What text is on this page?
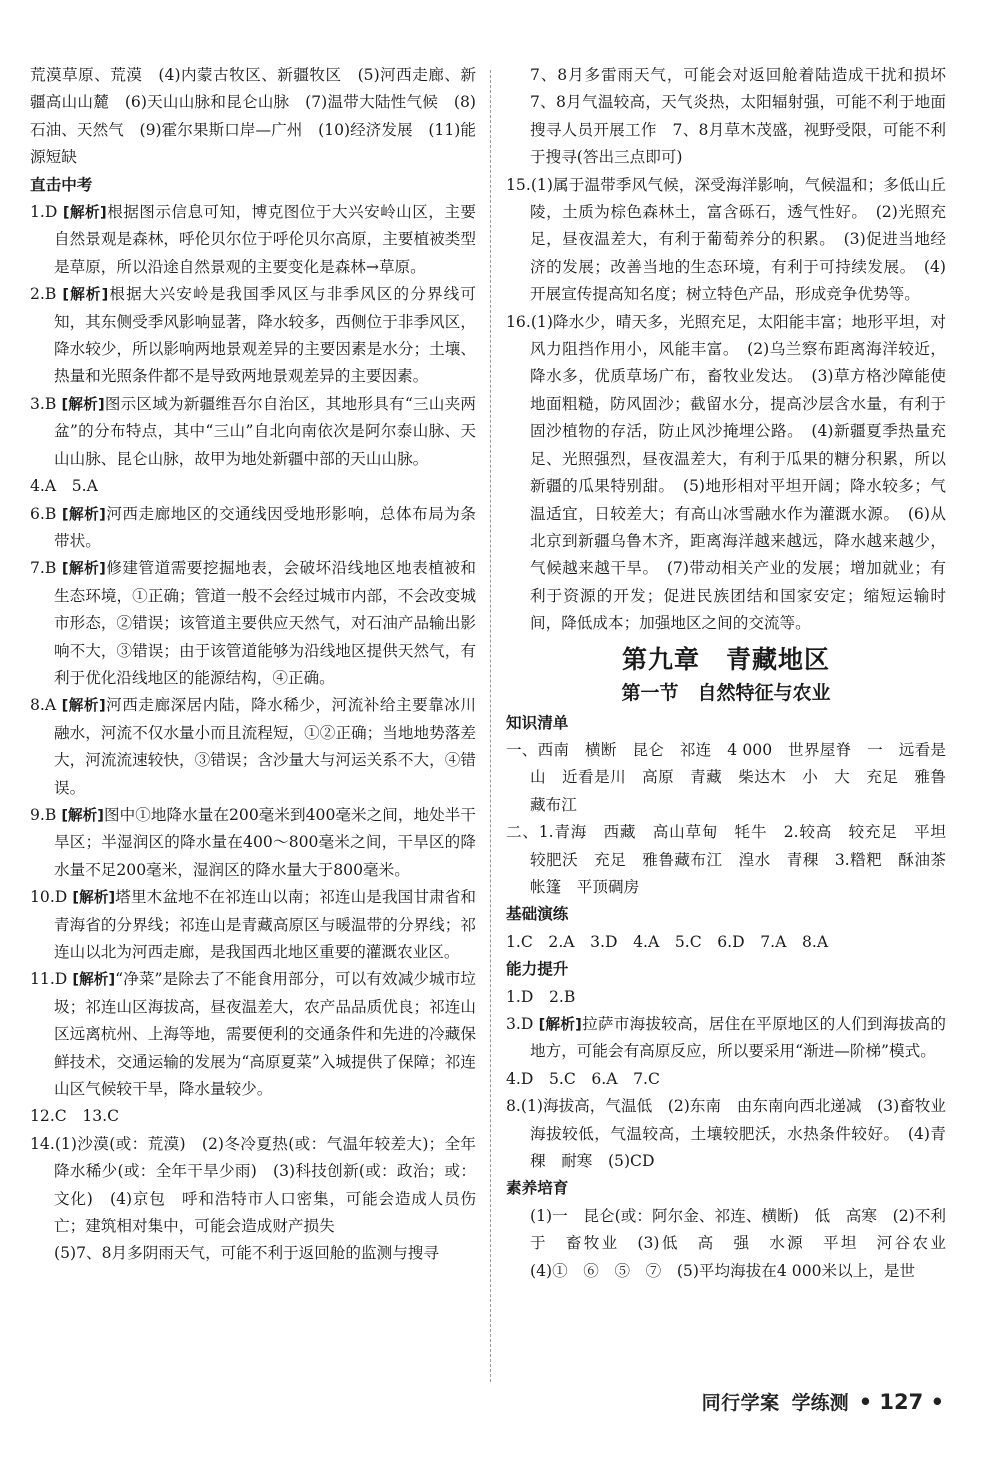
荒漠草原、荒漠　(4)内蒙古牧区、新疆牧区　(5)河西走廊、新疆高山山麓　(6)天山山脉和昆仑山脉　(7)温带大陆性气候　(8)石油、天然气　(9)霍尔果斯口岸—广州　(10)经济发展　(11)能源短缺

直击中考

1.D [解析]根据图示信息可知，博克图位于大兴安岭山区，主要自然景观是森林，呼伦贝尔位于呼伦贝尔高原，主要植被类型是草原，所以沿途自然景观的主要变化是森林→草原。

2.B [解析]根据大兴安岭是我国季风区与非季风区的分界线可知，其东侧受季风影响显著，降水较多，西侧位于非季风区，降水较少，所以影响两地景观差异的主要因素是水分；土壤、热量和光照条件都不是导致两地景观差异的主要因素。

3.B [解析]图示区域为新疆维吾尔自治区，其地形具有“三山夹两盆”的分布特点，其中“三山”自北向南依次是阿尔泰山脉、天山山脉、昆仑山脉，故甲为地处新疆中部的天山山脉。

4.A　5.A

6.B [解析]河西走廊地区的交通线因受地形影响，总体布局为条带状。

7.B [解析]修建管道需要挖掘地表，会破坏沿线地区地表植被和生态环境，①正确；管道一般不会经过城市内部，不会改变城市形态，②错误；该管道主要供应天然气，对石油产品输出影响不大，③错误；由于该管道能够为沿线地区提供天然气，有利于优化沿线地区的能源结构，④正确。

8.A [解析]河西走廊深居内陆，降水稀少，河流补给主要靠冰川融水，河流不仅水量小而且流程短，①②正确；当地地势落差大，河流流速较快，③错误；含沙量大与河运关系不大，④错误。

9.B [解析]图中①地降水量在200毫米到400毫米之间，地处半干旱区；半湿润区的降水量在400～800毫米之间，干旱区的降水量不足200毫米，湿润区的降水量大于800毫米。

10.D [解析]塔里木盆地不在祁连山以南；祁连山是我国甘肃省和青海省的分界线；祁连山是青藏高原区与暖温带的分界线；祁连山以北为河西走廊，是我国西北地区重要的灌溉农业区。

11.D [解析]“净菜”是除去了不能食用部分，可以有效减少城市垃圾；祁连山区海拔高，昼夜温差大，农产品品质优良；祁连山区远离杭州、上海等地，需要便利的交通条件和先进的冷藏保鲜技术，交通运输的发展为“高原夏菜”入城提供了保障；祁连山区气候较干旱，降水量较少。

12.C　13.C

14.(1)沙漠(或：荒漠)　(2)冬冷夏热(或：气温年较差大)；全年降水稀少(或：全年干旱少雨)　(3)科技创新(或：政治；或：文化)　(4)京包　呼和浩特市人口密集，可能会造成人员伤亡；建筑相对集中，可能会造成财产损失

(5)7、8月多阴雨天气，可能不利于返回舱的监测与搜寻

7、8月多雷雨天气，可能会对返回舱着陆造成干扰和损坏　7、8月气温较高，天气炎热，太阳辐射强，可能不利于地面搜寻人员开展工作　7、8月草木茂盛，视野受限，可能不利于搜寻(答出三点即可)

15.(1)属于温带季风气候，深受海洋影响，气候温和；多低山丘陵，土质为棕色森林土，富含砾石，透气性好。　(2)光照充足，昼夜温差大，有利于葡萄养分的积累。　(3)促进当地经济的发展；改善当地的生态环境，有利于可持续发展。　(4)开展宣传提高知名度；树立特色产品，形成竞争优势等。

16.(1)降水少，晴天多，光照充足，太阳能丰富；地形平坦，对风力阻挡作用小，风能丰富。　(2)乌兰察布距离海洋较近，降水多，优质草场广布，畜牧业发达。　(3)草方格沙障能使地面粗糙，防风固沙；截留水分，提高沙层含水量，有利于固沙植物的存活，防止风沙掩埋公路。　(4)新疆夏季热量充足、光照强烈，昼夜温差大，有利于瓜果的糖分积累，所以新疆的瓜果特别甜。　(5)地形相对平坦开阔；降水较多；气温适宜，日较差大；有高山冰雪融水作为灌溉水源。　(6)从北京到新疆乌鲁木齐，距离海洋越来越远，降水越来越少，气候越来越干旱。　(7)带动相关产业的发展；增加就业；有利于资源的开发；促进民族团结和国家安定；缩短运输时间，降低成本；加强地区之间的交流等。

第九章　青藏地区
第一节　自然特征与农业
知识清单

一、西南　横断　昆仑　祁连　4 000　世界屋脊　一　远看是山　近看是川　高原　青藏　柴达木　小　大　充足　雅鲁藏布江

二、1.青海　西藏　高山草甸　牦牛　2.较高　较充足　平坦　较肥沃　充足　雅鲁藏布江　湟水　青稞　3.糌粑　酥油茶　帐篷　平顶碉房

基础演练

1.C　2.A　3.D　4.A　5.C　6.D　7.A　8.A

能力提升

1.D　2.B

3.D [解析]拉萨市海拔较高，居住在平原地区的人们到海拔高的地方，可能会有高原反应，所以要采用“渐进—阶梯”模式。

4.D　5.C　6.A　7.C

8.(1)海拔高，气温低　(2)东南　由东南向西北递减　(3)畜牧业　海拔较低，气温较高，土壤较肥沃，水热条件较好。　(4)青稞　耐寒　(5)CD

素养培育

(1)一　昆仑(或：阿尔金、祁连、横断)　低　高寒　(2)不利于　畜牧业　(3)低　高　强　水源　平坦　河谷农业　(4)①　⑥　⑤　⑦　(5)平均海拔在4 000米以上，是世

同行学案 学练测 • 127 •
